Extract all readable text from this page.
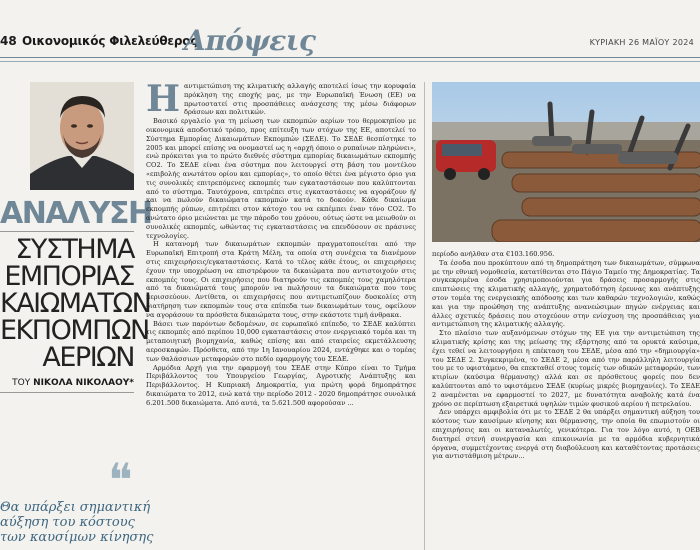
48 Οικονομικός Φιλελεύθερος
Απόψεις	ΚΥΡΙΑΚΗ 26 ΜΑΪΟΥ 2024
ΑΝΑΛΥΣΗ
ΣΥΣΤΗΜΑ
ΕΜΠΟΡΙΑΣ
ΚΑΙΩΜΑΤΩΝ
ΕΚΠΟΜΠΩΝ
ΑΕΡΙΩΝ
ΤΟΥ ΝΙΚΟΛΑ ΝΙΚΟΛΑΟΥ*
❝
Θα υπάρξει σημαντική
αύξηση του κόστους
των καυσίμων κίνησης

Ηαντιμετώπιση της κλιματικής αλλαγής αποτελεί ίσως την κορυφαία πρόκληση της εποχής μας, με την Ευρωπαϊκή Ένωση (ΕΕ) να πρωτοστατεί στις προσπάθειες ανάσχεσης της μέσω διάφορων δράσεων και πολιτικών.

Βασικό εργαλείο για τη μείωση των εκπομπών αερίων του θερμοκηπίου με οικονομικά αποδοτικό τρόπο, προς επίτευξη των στόχων της ΕΕ, αποτελεί το Σύστημα Εμπορίας Δικαιωμάτων Εκπομπών (ΣΕΔΕ). Το ΣΕΔΕ θεσπίστηκε το 2005 και μπορεί επίσης να ονομαστεί ως η «αρχή όποιο ο ρυπαίνων πληρώνει», ενώ πρόκειται για το πρώτο διεθνές σύστημα εμπορίας δικαιωμάτων εκπομπής CO2. Το ΣΕΔΕ είναι ένα σύστημα που λειτουργεί στη βάση του μοντέλου «επιβολής ανωτάτου ορίου και εμπορίας», το οποίο θέτει ένα μέγιστο όριο για τις συνολικές επιτρεπόμενες εκπομπές των εγκαταστάσεων που καλύπτονται από το σύστημα. Ταυτόχρονα, επιτρέπει στις εγκαταστάσεις να αγοράζουν ή/και να πωλούν δικαιώματα εκπομπών κατά το δοκούν. Κάθε δικαίωμα εκπομπής ρύπων, επιτρέπει στον κάτοχο του να εκπέμπει έναν τόνο CO2. Το ανώτατο όριο μειώνεται με την πάροδο του χρόνου, ούτως ώστε να μειωθούν οι συνολικές εκπομπές, ωθώντας τις εγκαταστάσεις να επενδύσουν σε πράσινες τεχνολογίες.

Η κατανομή των δικαιωμάτων εκπομπών πραγματοποιείται από την Ευρωπαϊκή Επιτροπή στα Κράτη Μέλη, τα οποία στη συνέχεια τα διανέμουν στις επιχειρήσεις/εγκαταστάσεις. Κατά το τέλος κάθε έτους, οι επιχειρήσεις έχουν την υποχρέωση να επιστρέφουν τα δικαιώματα που αντιστοιχούν στις εκπομπές τους. Οι επιχειρήσεις που διατηρούν τις εκπομπές τους χαμηλότερα από τα δικαιώματά τους μπορούν να πωλήσουν τα δικαιώματα που τους περισσεύουν. Αντίθετα, οι επιχειρήσεις που αντιμετωπίζουν δυσκολίες στη διατήρηση των εκπομπών τους στα επίπεδα των δικαιωμάτων τους, οφείλουν να αγοράσουν τα πρόσθετα δικαιώματα τους, στην εκάστοτε τιμή άνθρακα.

Βάσει των παρόντων δεδομένων, σε ευρωπαϊκό επίπεδο, το ΣΕΔΕ καλύπτει τις εκπομπές από περίπου 10,000 εγκαταστάσεις στον ενεργειακό τομέα και τη μεταποιητική βιομηχανία, καθώς επίσης και από εταιρείες εκμετάλλευσης αεροσκαφών. Πρόσθετα, από την 1η Ιανουαρίου 2024, εντάχθηκε και ο τομέας των θαλάσσιων μεταφορών στο πεδίο εφαρμογής του ΣΕΔΕ.

Αρμόδια Αρχή για την εφαρμογή του ΣΕΔΕ στην Κύπρο είναι το Τμήμα Περιβάλλοντος του Υπουργείου Γεωργίας, Αγροτικής Ανάπτυξης και Περιβάλλοντος. Η Κυπριακή Δημοκρατία, για πρώτη φορά δημοπράτησε δικαιώματα το 2012, ενώ κατά την περίοδο 2012 - 2020 δημοπράτησε συνολικά 6.201.500 δικαιώματα. Από αυτά, τα 5.621.500 αφορούσαν ...

περίοδο ανήλθαν στα €103.160.956.

Τα έσοδα που προκύπτουν από τη δημοπράτηση των δικαιωμάτων, σύμφωνα με την εθνική νομοθεσία, κατατίθενται στο Πάγιο Ταμείο της Δημοκρατίας. Τα συγκεκριμένα έσοδα χρησιμοποιούνται για δράσεις προσαρμογής στις επιπτώσεις της κλιματικής αλλαγής, χρηματοδότηση έρευνας και ανάπτυξης στον τομέα της ενεργειακής απόδοσης και των καθαρών τεχνολογιών, καθώς και για την προώθηση της ανάπτυξης ανανεώσιμων πηγών ενέργειας και άλλες σχετικές δράσεις που στοχεύουν στην ενίσχυση της προσπάθειας για αντιμετώπιση της κλιματικής αλλαγής.

Στο πλαίσιο των αυξανόμενων στόχων της ΕΕ για την αντιμετώπιση της κλιματικής κρίσης και της μείωσης της εξάρτησης από τα ορυκτά καύσιμα, έχει τεθεί να λειτουργήσει η επέκταση του ΣΕΔΕ, μέσα από την «δημιουργία» του ΣΕΔΕ 2. Συγκεκριμένα, το ΣΕΔΕ 2, μέσα από την παράλληλη λειτουργία του με το υφιστάμενο, θα επεκταθεί στους τομείς των οδικών μεταφορών, των κτιρίων (καύσιμα θέρμανσης) αλλά και σε πρόσθετους φορείς που δεν καλύπτονται από το υφιστάμενο ΣΕΔΕ (κυρίως μικρές βιομηχανίες). Το ΣΕΔΕ 2 αναμένεται να εφαρμοστεί το 2027, με δυνατότητα αναβολής κατά ένα χρόνο σε περίπτωση εξαιρετικά υψηλών τιμών φυσικού αερίου ή πετρελαίου.

Δεν υπάρχει αμφιβολία ότι με το ΣΕΔΕ 2 θα υπάρξει σημαντική αύξηση του κόστους των καυσίμων κίνησης και θέρμανσης, την οποία θα επωμιστούν οι επιχειρήσεις και οι καταναλωτές, γενικότερα. Για τον λόγο αυτό, η ΟΕΒ διατηρεί στενή συνεργασία και επικοινωνία με τα αρμόδια κυβερνητικά όργανα, συμμετέχοντας ενεργά στη διαβούλευση και καταθέτοντας προτάσεις για αντιστάθμιση μέτρων...
